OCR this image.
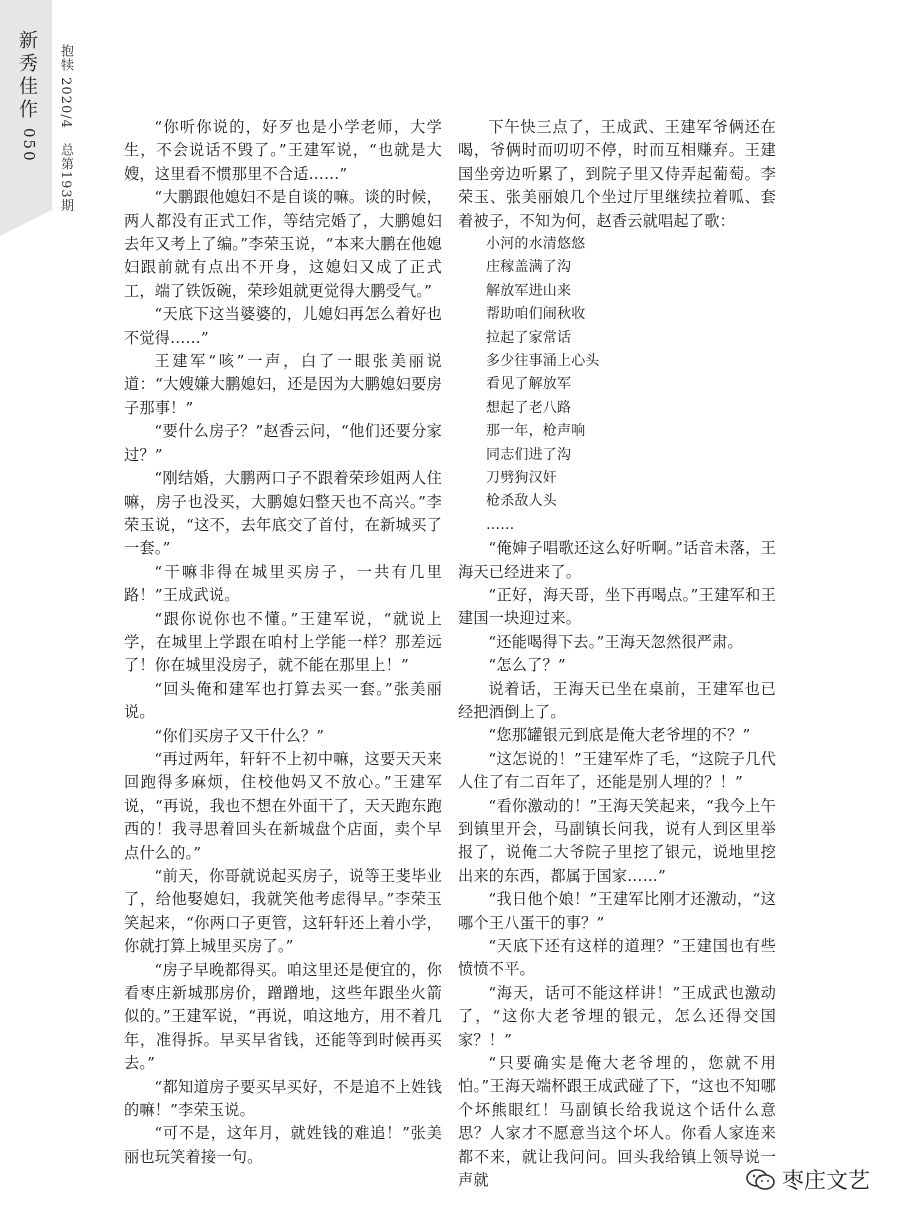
新秀佳作
050 抱犊 2020/4　总第193期	“你听你说的，好歹也是小学老师，大学生，不会说话不毁了。”王建军说，“也就是大嫂，这里看不惯那里不合适……”

“大鹏跟他媳妇不是自谈的嘛。谈的时候，两人都没有正式工作，等结完婚了，大鹏媳妇去年又考上了编。”李荣玉说，“本来大鹏在他媳妇跟前就有点出不开身，这媳妇又成了正式工，端了铁饭碗，荣珍姐就更觉得大鹏受气。”

“天底下这当婆婆的，儿媳妇再怎么着好也不觉得……”

王建军“咳”一声，白了一眼张美丽说道：“大嫂嫌大鹏媳妇，还是因为大鹏媳妇要房子那事！”

“要什么房子？”赵香云问，“他们还要分家过？”

“刚结婚，大鹏两口子不跟着荣珍姐两人住嘛，房子也没买，大鹏媳妇整天也不高兴。”李荣玉说，“这不，去年底交了首付，在新城买了一套。”

“干嘛非得在城里买房子，一共有几里路！”王成武说。

“跟你说你也不懂。”王建军说，“就说上学，在城里上学跟在咱村上学能一样？那差远了！你在城里没房子，就不能在那里上！”

“回头俺和建军也打算去买一套。”张美丽说。

“你们买房子又干什么？”

“再过两年，轩轩不上初中嘛，这要天天来回跑得多麻烦，住校他妈又不放心。”王建军说，“再说，我也不想在外面干了，天天跑东跑西的！我寻思着回头在新城盘个店面，卖个早点什么的。”

“前天，你哥就说起买房子，说等王斐毕业了，给他娶媳妇，我就笑他考虑得早。”李荣玉笑起来，“你两口子更管，这轩轩还上着小学，你就打算上城里买房了。”

“房子早晚都得买。咱这里还是便宜的，你看枣庄新城那房价，蹭蹭地，这些年跟坐火箭似的。”王建军说，“再说，咱这地方，用不着几年，准得拆。早买早省钱，还能等到时候再买去。”

“都知道房子要买早买好，不是追不上姓钱的嘛！”李荣玉说。

“可不是，这年月，就姓钱的难追！”张美丽也玩笑着接一句。

下午快三点了，王成武、王建军爷俩还在喝，爷俩时而叨叨不停，时而互相赚弃。王建国坐旁边听累了，到院子里又侍弄起葡萄。李荣玉、张美丽娘几个坐过厅里继续拉着呱、套着被子，不知为何，赵香云就唱起了歌：

小河的水清悠悠
庄稼盖满了沟
解放军进山来
帮助咱们闹秋收
拉起了家常话
多少往事涌上心头
看见了解放军
想起了老八路
那一年，枪声响
同志们进了沟
刀劈狗汉奸
枪杀敌人头
……

“俺婶子唱歌还这么好听啊。”话音未落，王海天已经进来了。

“正好，海天哥，坐下再喝点。”王建军和王建国一块迎过来。

“还能喝得下去。”王海天忽然很严肃。

“怎么了？”

说着话，王海天已坐在桌前，王建军也已经把酒倒上了。

“您那罐银元到底是俺大老爷埋的不？”

“这怎说的！”王建军炸了毛，“这院子几代人住了有二百年了，还能是别人埋的？！”

“看你激动的！”王海天笑起来，“我今上午到镇里开会，马副镇长问我，说有人到区里举报了，说俺二大爷院子里挖了银元，说地里挖出来的东西，都属于国家……”

“我日他个娘！”王建军比刚才还激动，“这哪个王八蛋干的事？”

“天底下还有这样的道理？”王建国也有些愤愤不平。

“海天，话可不能这样讲！”王成武也激动了，“这你大老爷埋的银元，怎么还得交国家？！”

“只要确实是俺大老爷埋的，您就不用怕。”王海天端杯跟王成武碰了下，“这也不知哪个坏熊眼红！马副镇长给我说这个话什么意思？人家才不愿意当这个坏人。你看人家连来都不来，就让我问问。回头我给镇上领导说一声就	枣庄文艺
